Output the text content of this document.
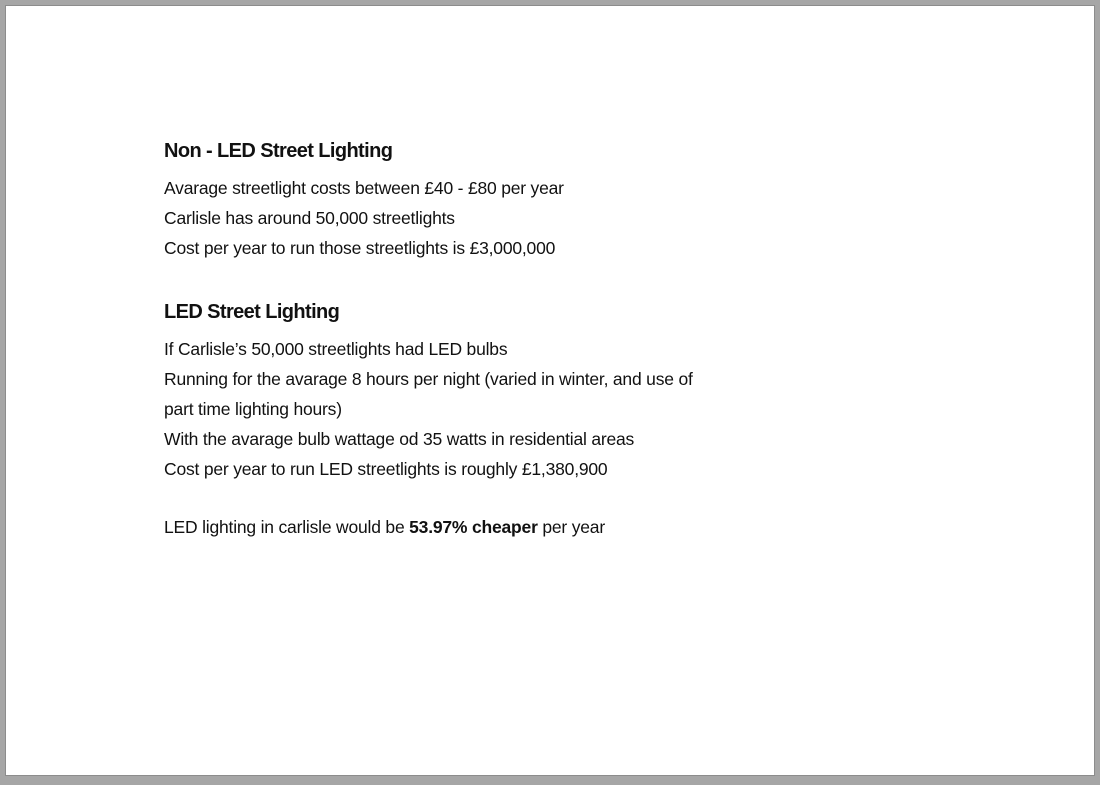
Non - LED Street Lighting
Avarage streetlight costs between £40 - £80 per year
Carlisle has around 50,000 streetlights
Cost per year to run those streetlights is £3,000,000
LED Street Lighting
If Carlisle’s 50,000 streetlights had LED bulbs
Running for the avarage 8 hours per night (varied in winter, and use of
part time lighting hours)
With the avarage bulb wattage od 35 watts in residential areas
Cost per year to run LED streetlights is roughly £1,380,900
LED lighting in carlisle would be 53.97% cheaper per year
